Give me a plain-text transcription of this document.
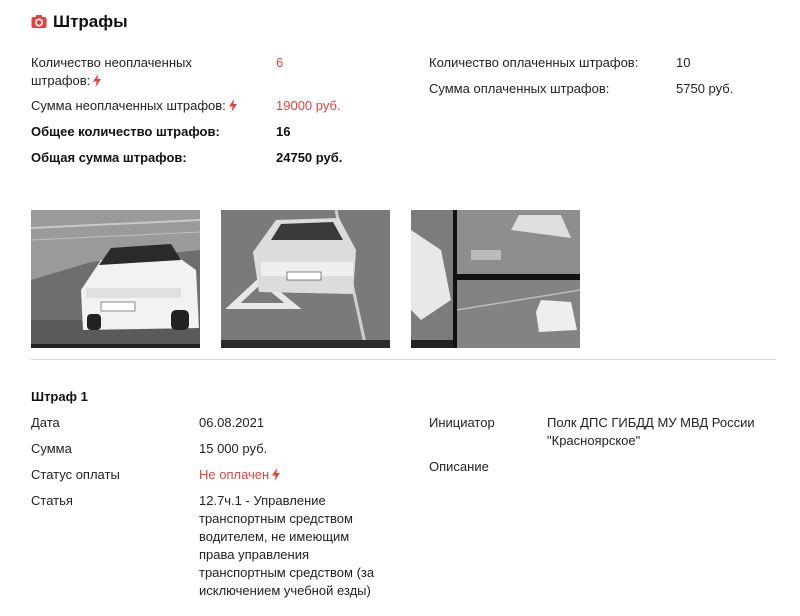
Штрафы
Количество неоплаченных штрафов:
6
Сумма неоплаченных штрафов:	19000 руб.
Общее количество штрафов:	16
Общая сумма штрафов:	24750 руб.
Количество оплаченных штрафов:	10
Сумма оплаченных штрафов:	5750 руб.
Штраф 1
Дата	06.08.2021
Сумма	15 000 руб.
Статус оплаты	Не оплачен
Статья	12.7ч.1 - Управление транспортным средством водителем, не имеющим права управления транспортным средством (за исключением учебной езды)
Инициатор	Полк ДПС ГИБДД МУ МВД России "Красноярское"
Описание
